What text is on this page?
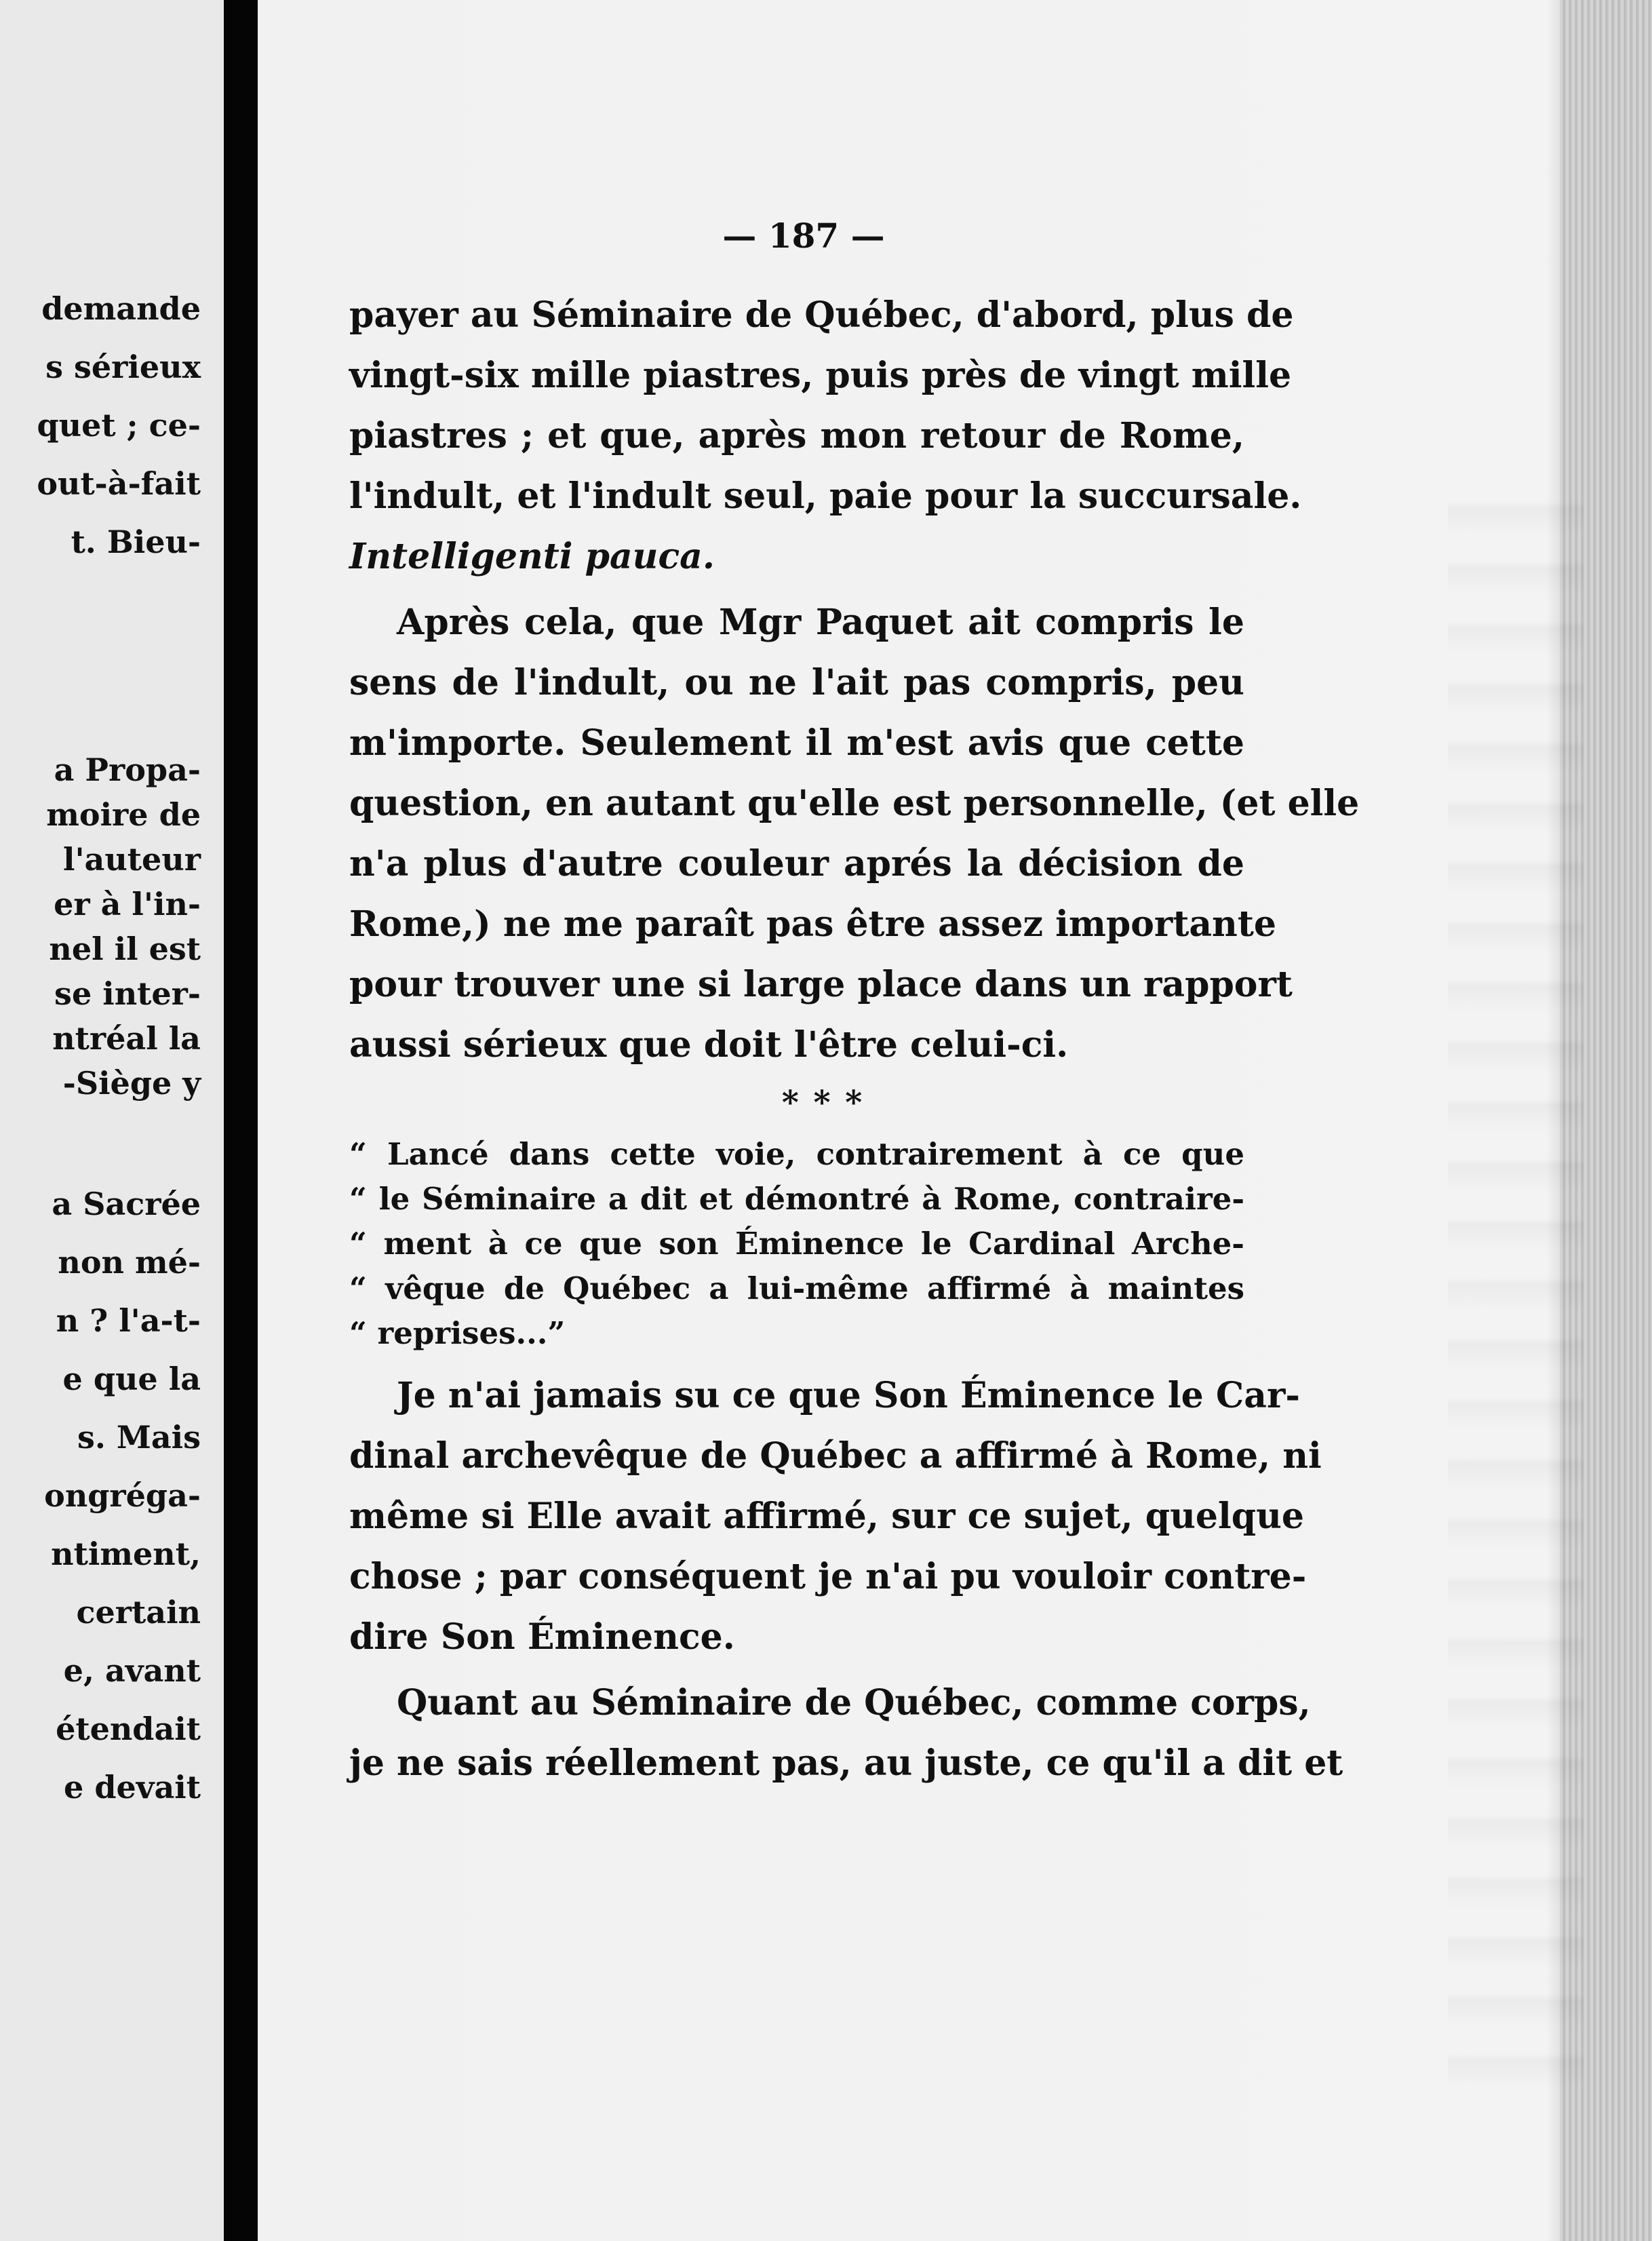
demande
s sérieux
quet ; ce-
out-à-fait
t. Bieu-
a Propa-
moire de
l'auteur
er à l'in-
nel il est
se inter-
ntréal la
-Siège y
a Sacrée
non mé-
n ? l'a-t-
e que la
s. Mais
ongréga-
ntiment,
certain
e, avant
étendait
e devait
— 187 —
payer au Séminaire de Québec, d'abord, plus de
vingt-six mille piastres, puis près de vingt mille
piastres ; et que, après mon retour de Rome,
l'indult, et l'indult seul, paie pour la succursale.
Intelligenti pauca.
Après cela, que Mgr Paquet ait compris le
sens de l'indult, ou ne l'ait pas compris, peu
m'importe. Seulement il m'est avis que cette
question, en autant qu'elle est personnelle, (et elle
n'a plus d'autre couleur aprés la décision de
Rome,) ne me paraît pas être assez importante
pour trouver une si large place dans un rapport
aussi sérieux que doit l'être celui-ci.
* * *
“ Lancé dans cette voie, contrairement à ce que
“ le Séminaire a dit et démontré à Rome, contraire-
“ ment à ce que son Éminence le Cardinal Arche-
“ vêque de Québec a lui-même affirmé à maintes
“ reprises...”
Je n'ai jamais su ce que Son Éminence le Car-
dinal archevêque de Québec a affirmé à Rome, ni
même si Elle avait affirmé, sur ce sujet, quelque
chose ; par conséquent je n'ai pu vouloir contre-
dire Son Éminence.
Quant au Séminaire de Québec, comme corps,
je ne sais réellement pas, au juste, ce qu'il a dit et
